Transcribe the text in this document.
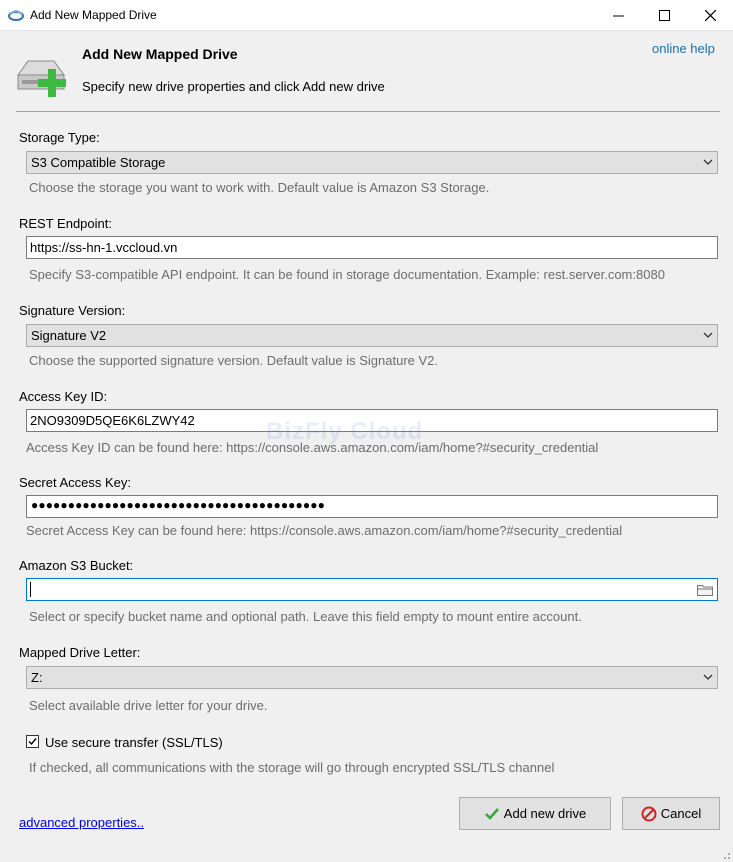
Add New Mapped Drive
Add New Mapped Drive
Specify new drive properties and click Add new drive
online help
Storage Type:
S3 Compatible Storage
Choose the storage you want to work with. Default value is Amazon S3 Storage.
REST Endpoint:
https://ss-hn-1.vccloud.vn
Specify S3-compatible API endpoint. It can be found in storage documentation. Example: rest.server.com:8080
Signature Version:
Signature V2
Choose the supported signature version. Default value is Signature V2.
Access Key ID:
2NO9309D5QE6K6LZWY42
Access Key ID can be found here: https://console.aws.amazon.com/iam/home?#security_credential
Secret Access Key:
●●●●●●●●●●●●●●●●●●●●●●●●●●●●●●●●●●●●●●●●
Secret Access Key can be found here: https://console.aws.amazon.com/iam/home?#security_credential
Amazon S3 Bucket:
Select or specify bucket name and optional path. Leave this field empty to mount entire account.
Mapped Drive Letter:
Z:
Select available drive letter for your drive.
Use secure transfer (SSL/TLS)
If checked, all communications with the storage will go through encrypted SSL/TLS channel
advanced properties..
Add new drive	Cancel
